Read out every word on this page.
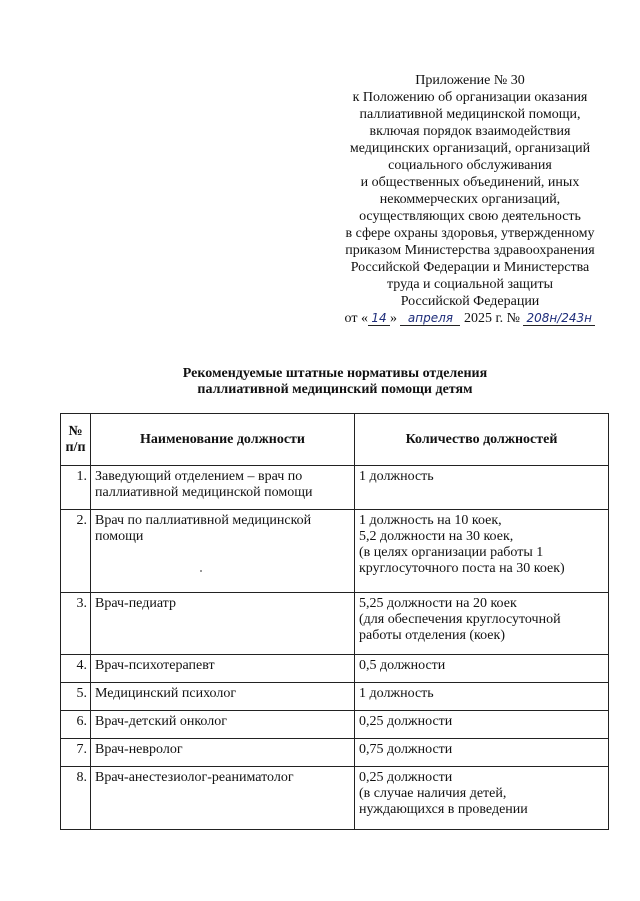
Приложение № 30
к Положению об организации оказания
паллиативной медицинской помощи,
включая порядок взаимодействия
медицинских организаций, организаций
социального обслуживания
и общественных объединений, иных
некоммерческих организаций,
осуществляющих свою деятельность
в сфере охраны здоровья, утвержденному
приказом Министерства здравоохранения
Российской Федерации и Министерства
труда и социальной защиты
Российской Федерации
от « 14 » апреля 2025 г. № 208н/243н
Рекомендуемые штатные нормативы отделения
паллиативной медицинский помощи детям
№
п/п	Наименование должности	Количество должностей
1.	Заведующий отделением – врач по паллиативной медицинской помощи	1 должность

2.	Врач по паллиативной медицинской помощи	1 должность на 10 коек,
5,2 должности на 30 коек,
(в целях организации работы 1 круглосуточного поста на 30 коек)

3.	Врач-педиатр	5,25 должности на 20 коек
(для обеспечения круглосуточной работы отделения (коек)

4.	Врач-психотерапевт	0,5 должности

5.	Медицинский психолог	1 должность

6.	Врач-детский онколог	0,25 должности

7.	Врач-невролог	0,75 должности

8.	Врач-анестезиолог-реаниматолог	0,25 должности
(в случае наличия детей,
нуждающихся в проведении
